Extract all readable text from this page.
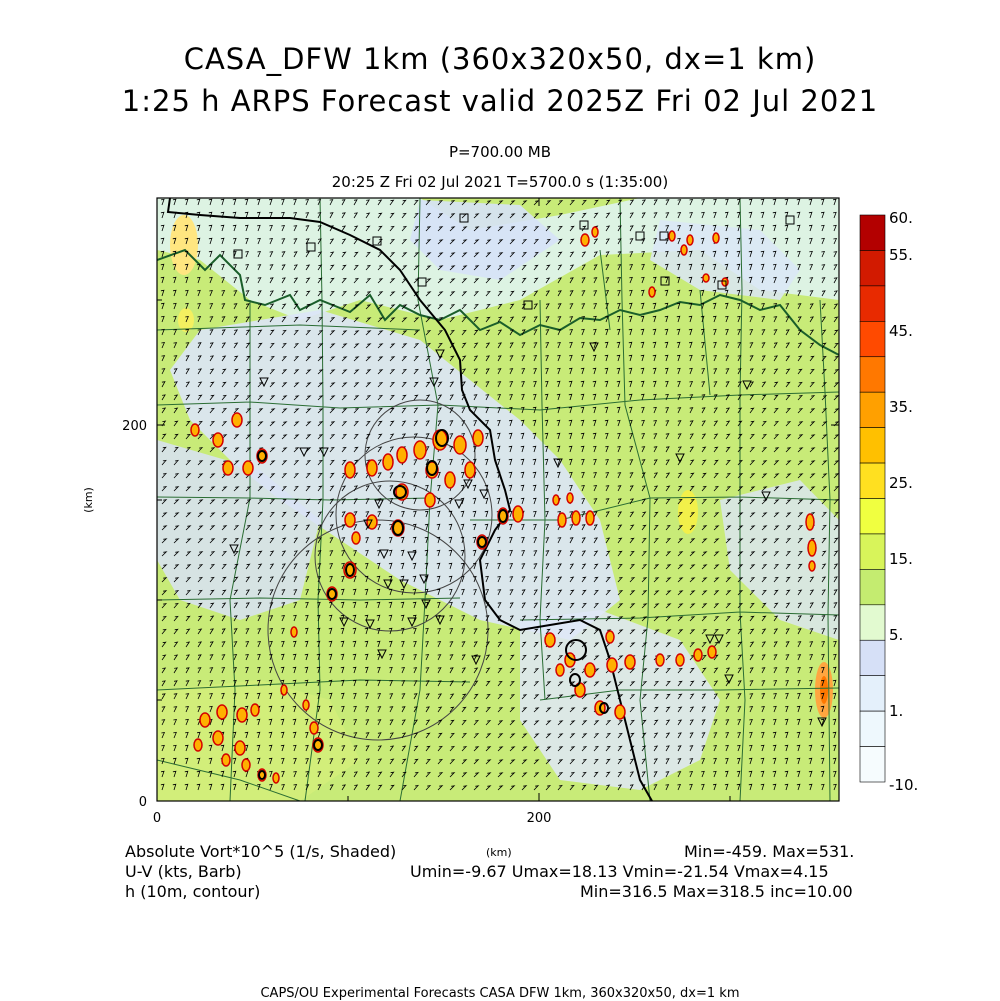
CASA_DFW 1km (360x320x50, dx=1 km)
1:25 h ARPS Forecast valid 2025Z Fri 02 Jul 2021
P=700.00 MB
20:25 Z Fri 02 Jul 2021 T=5700.0 s (1:35:00)
200
0
0	200
(km)
60.
55.
45.
35.
25.
15.
5.
1.
-10.
Absolute Vort*10^5 (1/s, Shaded)	(km)	Min=-459. Max=531.
U-V (kts, Barb)	Umin=-9.67 Umax=18.13 Vmin=-21.54 Vmax=4.15
h (10m, contour)	Min=316.5 Max=318.5 inc=10.00
CAPS/OU Experimental Forecasts CASA DFW 1km, 360x320x50, dx=1 km
